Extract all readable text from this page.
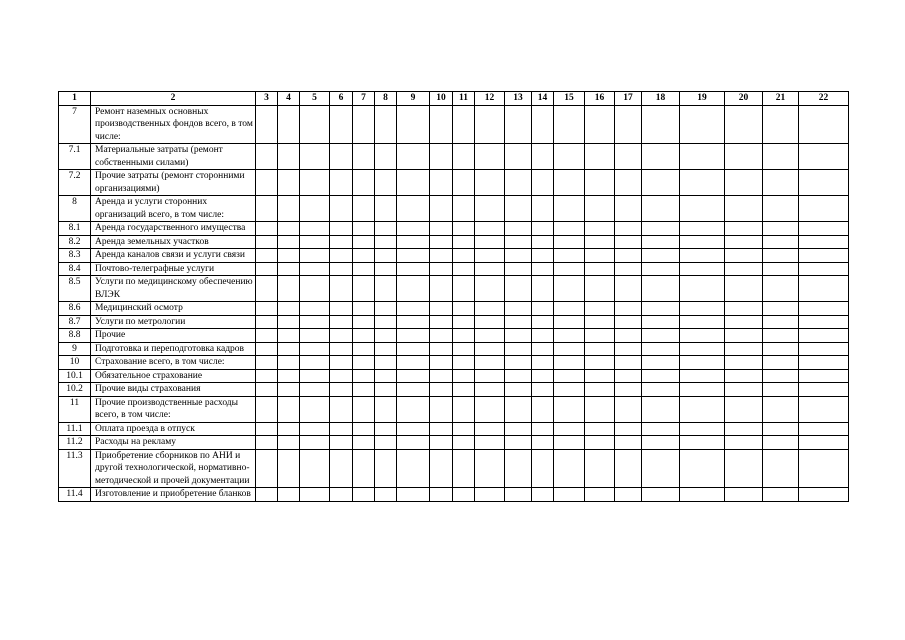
1	2	3	4	5	6	7	8	9	10	11	12	13	14	15	16	17	18	19	20	21	22
7	Ремонт наземных основных производственных фондов всего, в том числе:																				
7.1	Материальные затраты (ремонт собственными силами)																				
7.2	Прочие затраты (ремонт сторонними организациями)																				
8	Аренда и услуги сторонних организаций всего, в том числе:																				
8.1	Аренда государственного имущества																				
8.2	Аренда земельных участков																				
8.3	Аренда каналов связи и услуги связи																				
8.4	Почтово-телеграфные услуги																				
8.5	Услуги по медицинскому обеспечению ВЛЭК																				
8.6	Медицинский осмотр																				
8.7	Услуги по метрологии																				
8.8	Прочие																				
9	Подготовка и переподготовка кадров																				
10	Страхование всего, в том числе:																				
10.1	Обязательное страхование																				
10.2	Прочие виды страхования																				
11	Прочие производственные расходы всего, в том числе:																				
11.1	Оплата проезда в отпуск																				
11.2	Расходы на рекламу																				
11.3	Приобретение сборников по АНИ и другой технологической, нормативно-методической и прочей документации																				
11.4	Изготовление и приобретение бланков																				
